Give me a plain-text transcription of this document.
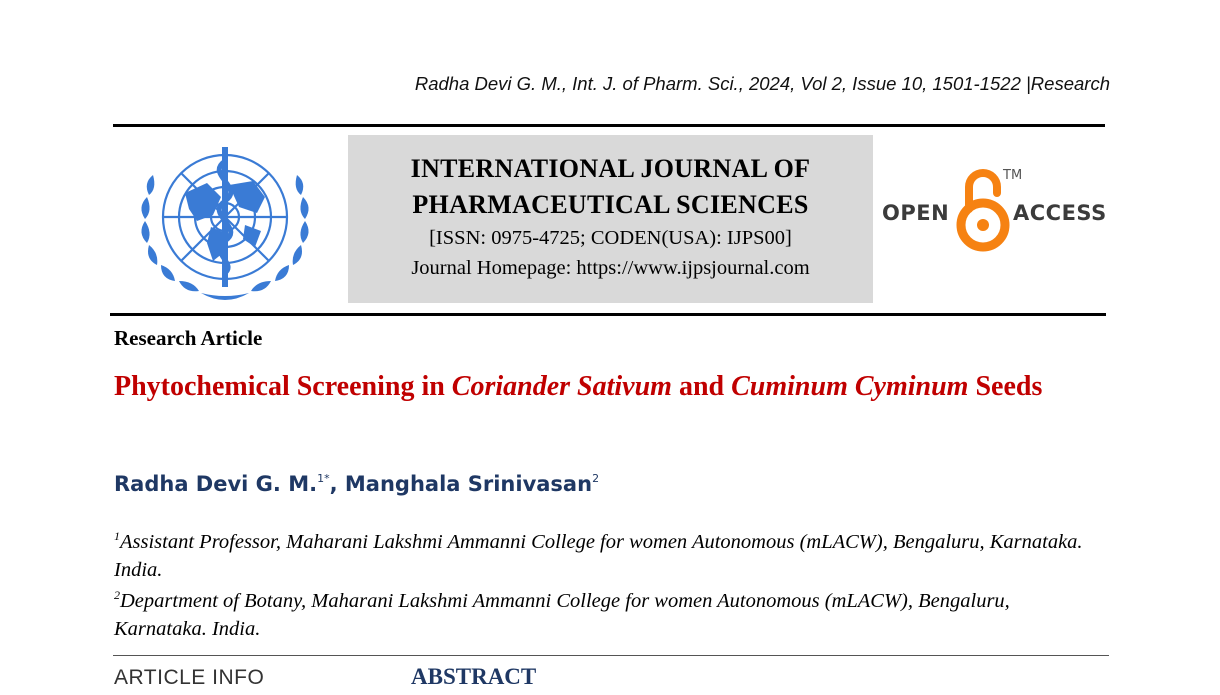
Radha Devi G. M., Int. J. of Pharm. Sci., 2024, Vol 2, Issue 10, 1501-1522 |Research
INTERNATIONAL JOURNAL OF
PHARMACEUTICAL SCIENCES
[ISSN: 0975-4725; CODEN(USA): IJPS00]
Journal Homepage: https://www.ijpsjournal.com
OPEN
TM
ACCESS
Research Article
Phytochemical Screening in Coriander Sativum and Cuminum Cyminum Seeds
Radha Devi G. M.$^{1*}$, Manghala Srinivasan$^2$
$^1$Assistant Professor, Maharani Lakshmi Ammanni College for women Autonomous (mLACW), Bengaluru, Karnataka. India.
$^2$Department of Botany, Maharani Lakshmi Ammanni College for women Autonomous (mLACW), Bengaluru, Karnataka. India.
ARTICLE INFO	ABSTRACT
